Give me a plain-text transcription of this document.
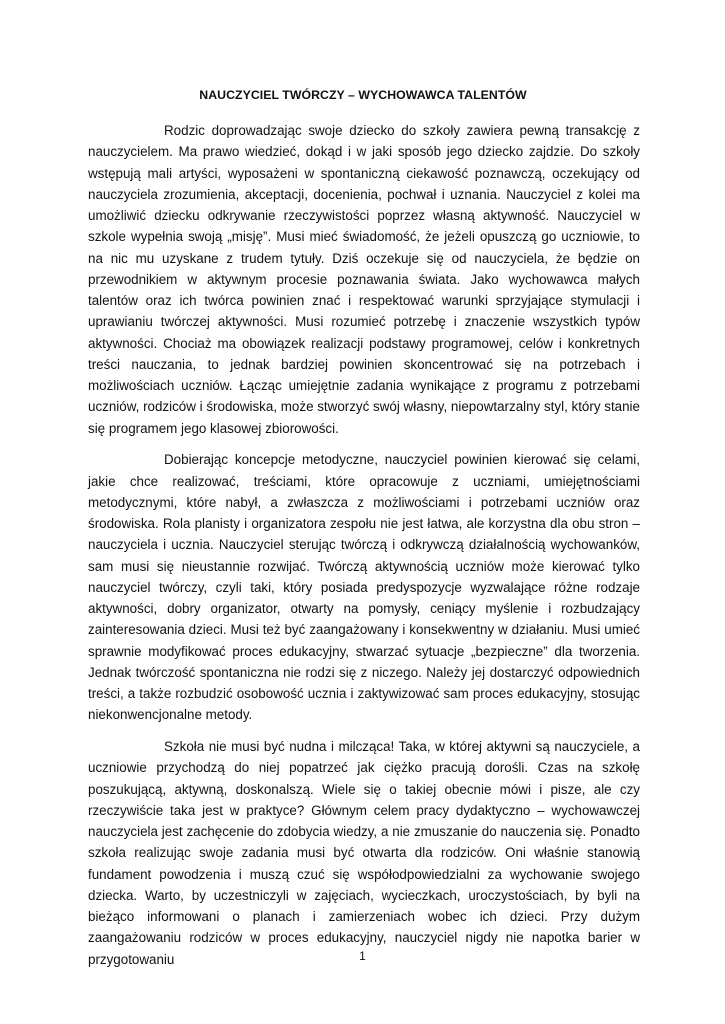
NAUCZYCIEL TWÓRCZY – WYCHOWAWCA TALENTÓW

Rodzic doprowadzając swoje dziecko do szkoły zawiera pewną transakcję z nauczycielem. Ma prawo wiedzieć, dokąd i w jaki sposób jego dziecko zajdzie. Do szkoły wstępują mali artyści, wyposażeni w spontaniczną ciekawość poznawczą, oczekujący od nauczyciela zrozumienia, akceptacji, docenienia, pochwał i uznania. Nauczyciel z kolei ma umożliwić dziecku odkrywanie rzeczywistości poprzez własną aktywność. Nauczyciel w szkole wypełnia swoją „misję”. Musi mieć świadomość, że jeżeli opuszczą go uczniowie, to na nic mu uzyskane z trudem tytuły. Dziś oczekuje się od nauczyciela, że będzie on przewodnikiem w aktywnym procesie poznawania świata. Jako wychowawca małych talentów oraz ich twórca powinien znać i respektować warunki sprzyjające stymulacji i uprawianiu twórczej aktywności. Musi rozumieć potrzebę i znaczenie wszystkich typów aktywności. Chociaż ma obowiązek realizacji podstawy programowej, celów i konkretnych treści nauczania, to jednak bardziej powinien skoncentrować się na potrzebach i możliwościach uczniów. Łącząc umiejętnie zadania wynikające z programu z potrzebami uczniów, rodziców i środowiska, może stworzyć swój własny, niepowtarzalny styl, który stanie się programem jego klasowej zbiorowości.

Dobierając koncepcje metodyczne, nauczyciel powinien kierować się celami, jakie chce realizować, treściami, które opracowuje z uczniami, umiejętnościami metodycznymi, które nabył, a zwłaszcza z możliwościami i potrzebami uczniów oraz środowiska. Rola planisty i organizatora zespołu nie jest łatwa, ale korzystna dla obu stron – nauczyciela i ucznia. Nauczyciel sterując twórczą i odkrywczą działalnością wychowanków, sam musi się nieustannie rozwijać. Twórczą aktywnością uczniów może kierować tylko nauczyciel twórczy, czyli taki, który posiada predyspozycje wyzwalające różne rodzaje aktywności, dobry organizator, otwarty na pomysły, ceniący myślenie i rozbudzający zainteresowania dzieci. Musi też być zaangażowany i konsekwentny w działaniu. Musi umieć sprawnie modyfikować proces edukacyjny, stwarzać sytuacje „bezpieczne” dla tworzenia. Jednak twórczość spontaniczna nie rodzi się z niczego. Należy jej dostarczyć odpowiednich treści, a także rozbudzić osobowość ucznia i zaktywizować sam proces edukacyjny, stosując niekonwencjonalne metody.

Szkoła nie musi być nudna i milcząca! Taka, w której aktywni są nauczyciele, a uczniowie przychodzą do niej popatrzeć jak ciężko pracują dorośli. Czas na szkołę poszukującą, aktywną, doskonalszą. Wiele się o takiej obecnie mówi i pisze, ale czy rzeczywiście taka jest w praktyce? Głównym celem pracy dydaktyczno – wychowawczej nauczyciela jest zachęcenie do zdobycia wiedzy, a nie zmuszanie do nauczenia się. Ponadto szkoła realizując swoje zadania musi być otwarta dla rodziców. Oni właśnie stanowią fundament powodzenia i muszą czuć się współodpowiedzialni za wychowanie swojego dziecka. Warto, by uczestniczyli w zajęciach, wycieczkach, uroczystościach, by byli na bieżąco informowani o planach i zamierzeniach wobec ich dzieci. Przy dużym zaangażowaniu rodziców w proces edukacyjny, nauczyciel nigdy nie napotka barier w przygotowaniu	1
